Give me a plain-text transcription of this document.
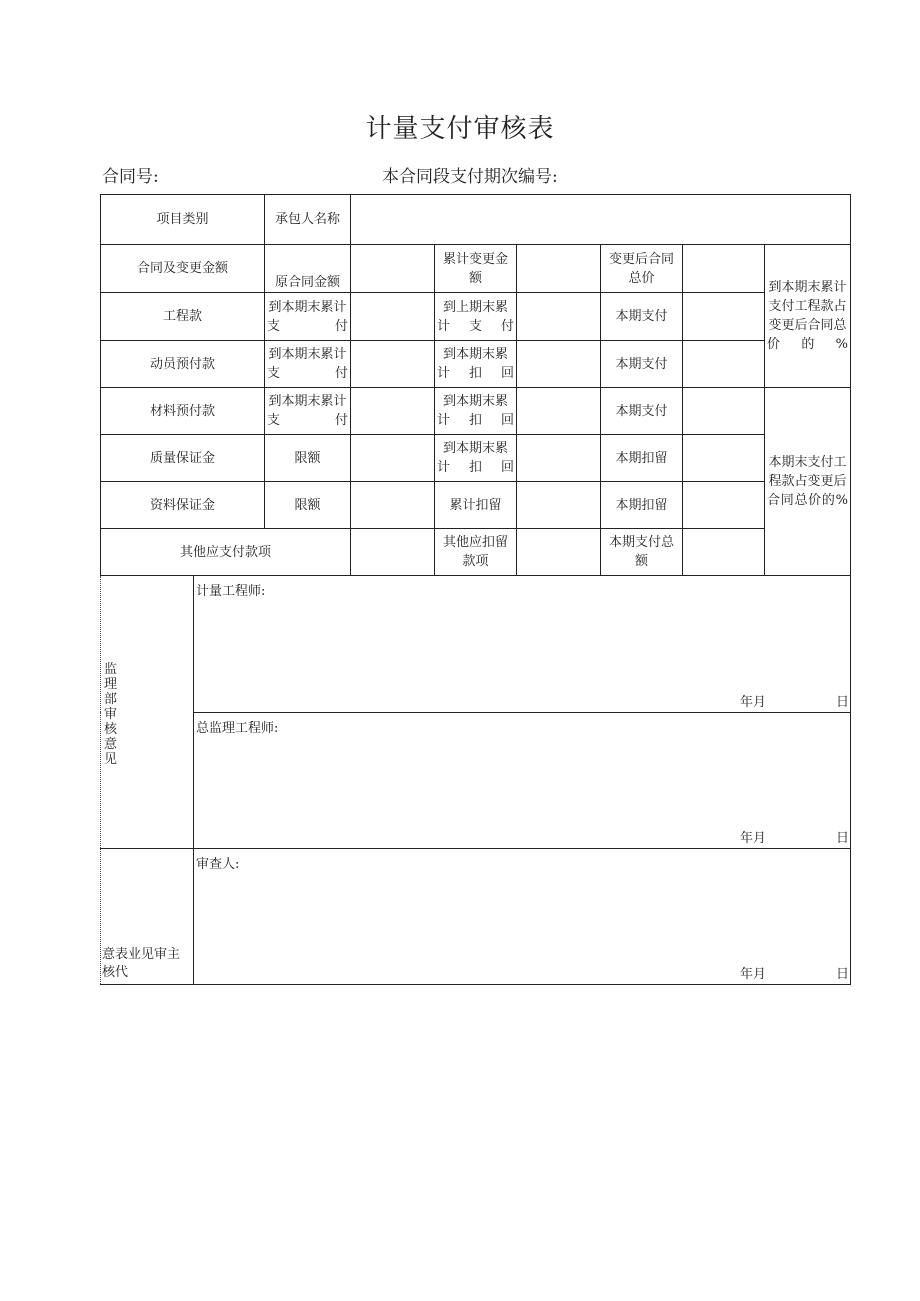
计量支付审核表
合同号:	本合同段支付期次编号:
项目类别	承包人名称						
合同及变更金额	原合同金额		累计变更金额		变更后合同总价		到本期末累计支付工程款占变更后合同总价的%
工程款	到本期末累计支付		到上期末累计支付		本期支付		
动员预付款	到本期末累计支付		到本期末累计扣回		本期支付		
材料预付款	到本期末累计支付		到本期末累计扣回		本期支付		本期末支付工程款占变更后合同总价的%
质量保证金	限额		到本期末累计扣回		本期扣留		
资料保证金	限额		累计扣留		本期扣留		
其他应支付款项			其他应扣留款项		本期支付总额		
监理部审核意见	计量工程师:
年月 日

	总监理工程师:
年月 日

意表业见审主核代	审查人:
年月 日
